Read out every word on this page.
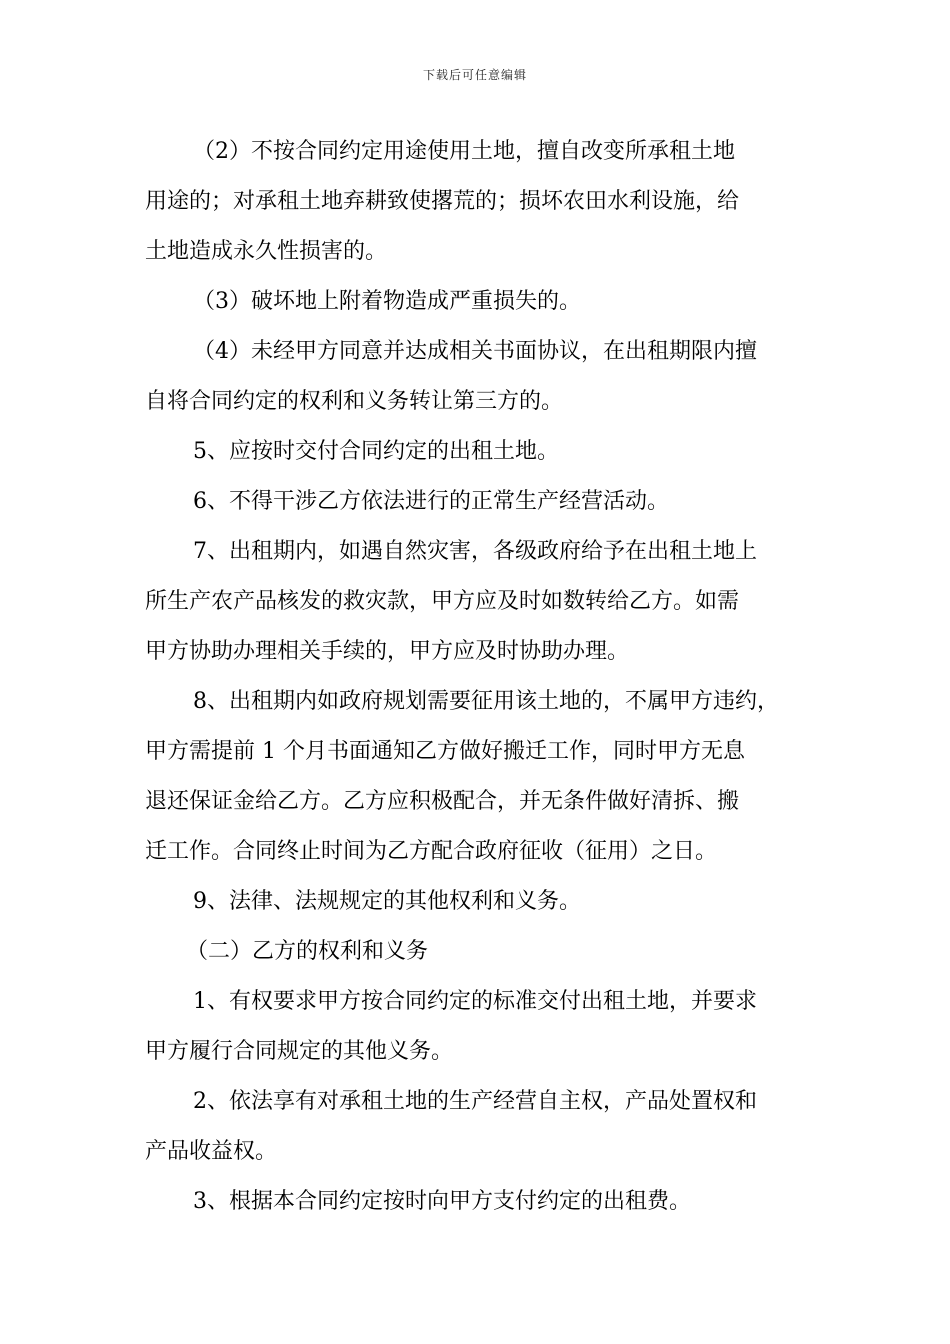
下载后可任意编辑
（2）不按合同约定用途使用土地，擅自改变所承租土地
用途的；对承租土地弃耕致使撂荒的；损坏农田水利设施，给
土地造成永久性损害的。
（3）破坏地上附着物造成严重损失的。
（4）未经甲方同意并达成相关书面协议，在出租期限内擅
自将合同约定的权利和义务转让第三方的。
5、应按时交付合同约定的出租土地。
6、不得干涉乙方依法进行的正常生产经营活动。
7、出租期内，如遇自然灾害，各级政府给予在出租土地上
所生产农产品核发的救灾款，甲方应及时如数转给乙方。如需
甲方协助办理相关手续的，甲方应及时协助办理。
8、出租期内如政府规划需要征用该土地的，不属甲方违约，
甲方需提前 1 个月书面通知乙方做好搬迁工作，同时甲方无息
退还保证金给乙方。乙方应积极配合，并无条件做好清拆、搬
迁工作。合同终止时间为乙方配合政府征收（征用）之日。
9、法律、法规规定的其他权利和义务。
（二）乙方的权利和义务
1、有权要求甲方按合同约定的标准交付出租土地，并要求
甲方履行合同规定的其他义务。
2、依法享有对承租土地的生产经营自主权，产品处置权和
产品收益权。
3、根据本合同约定按时向甲方支付约定的出租费。
